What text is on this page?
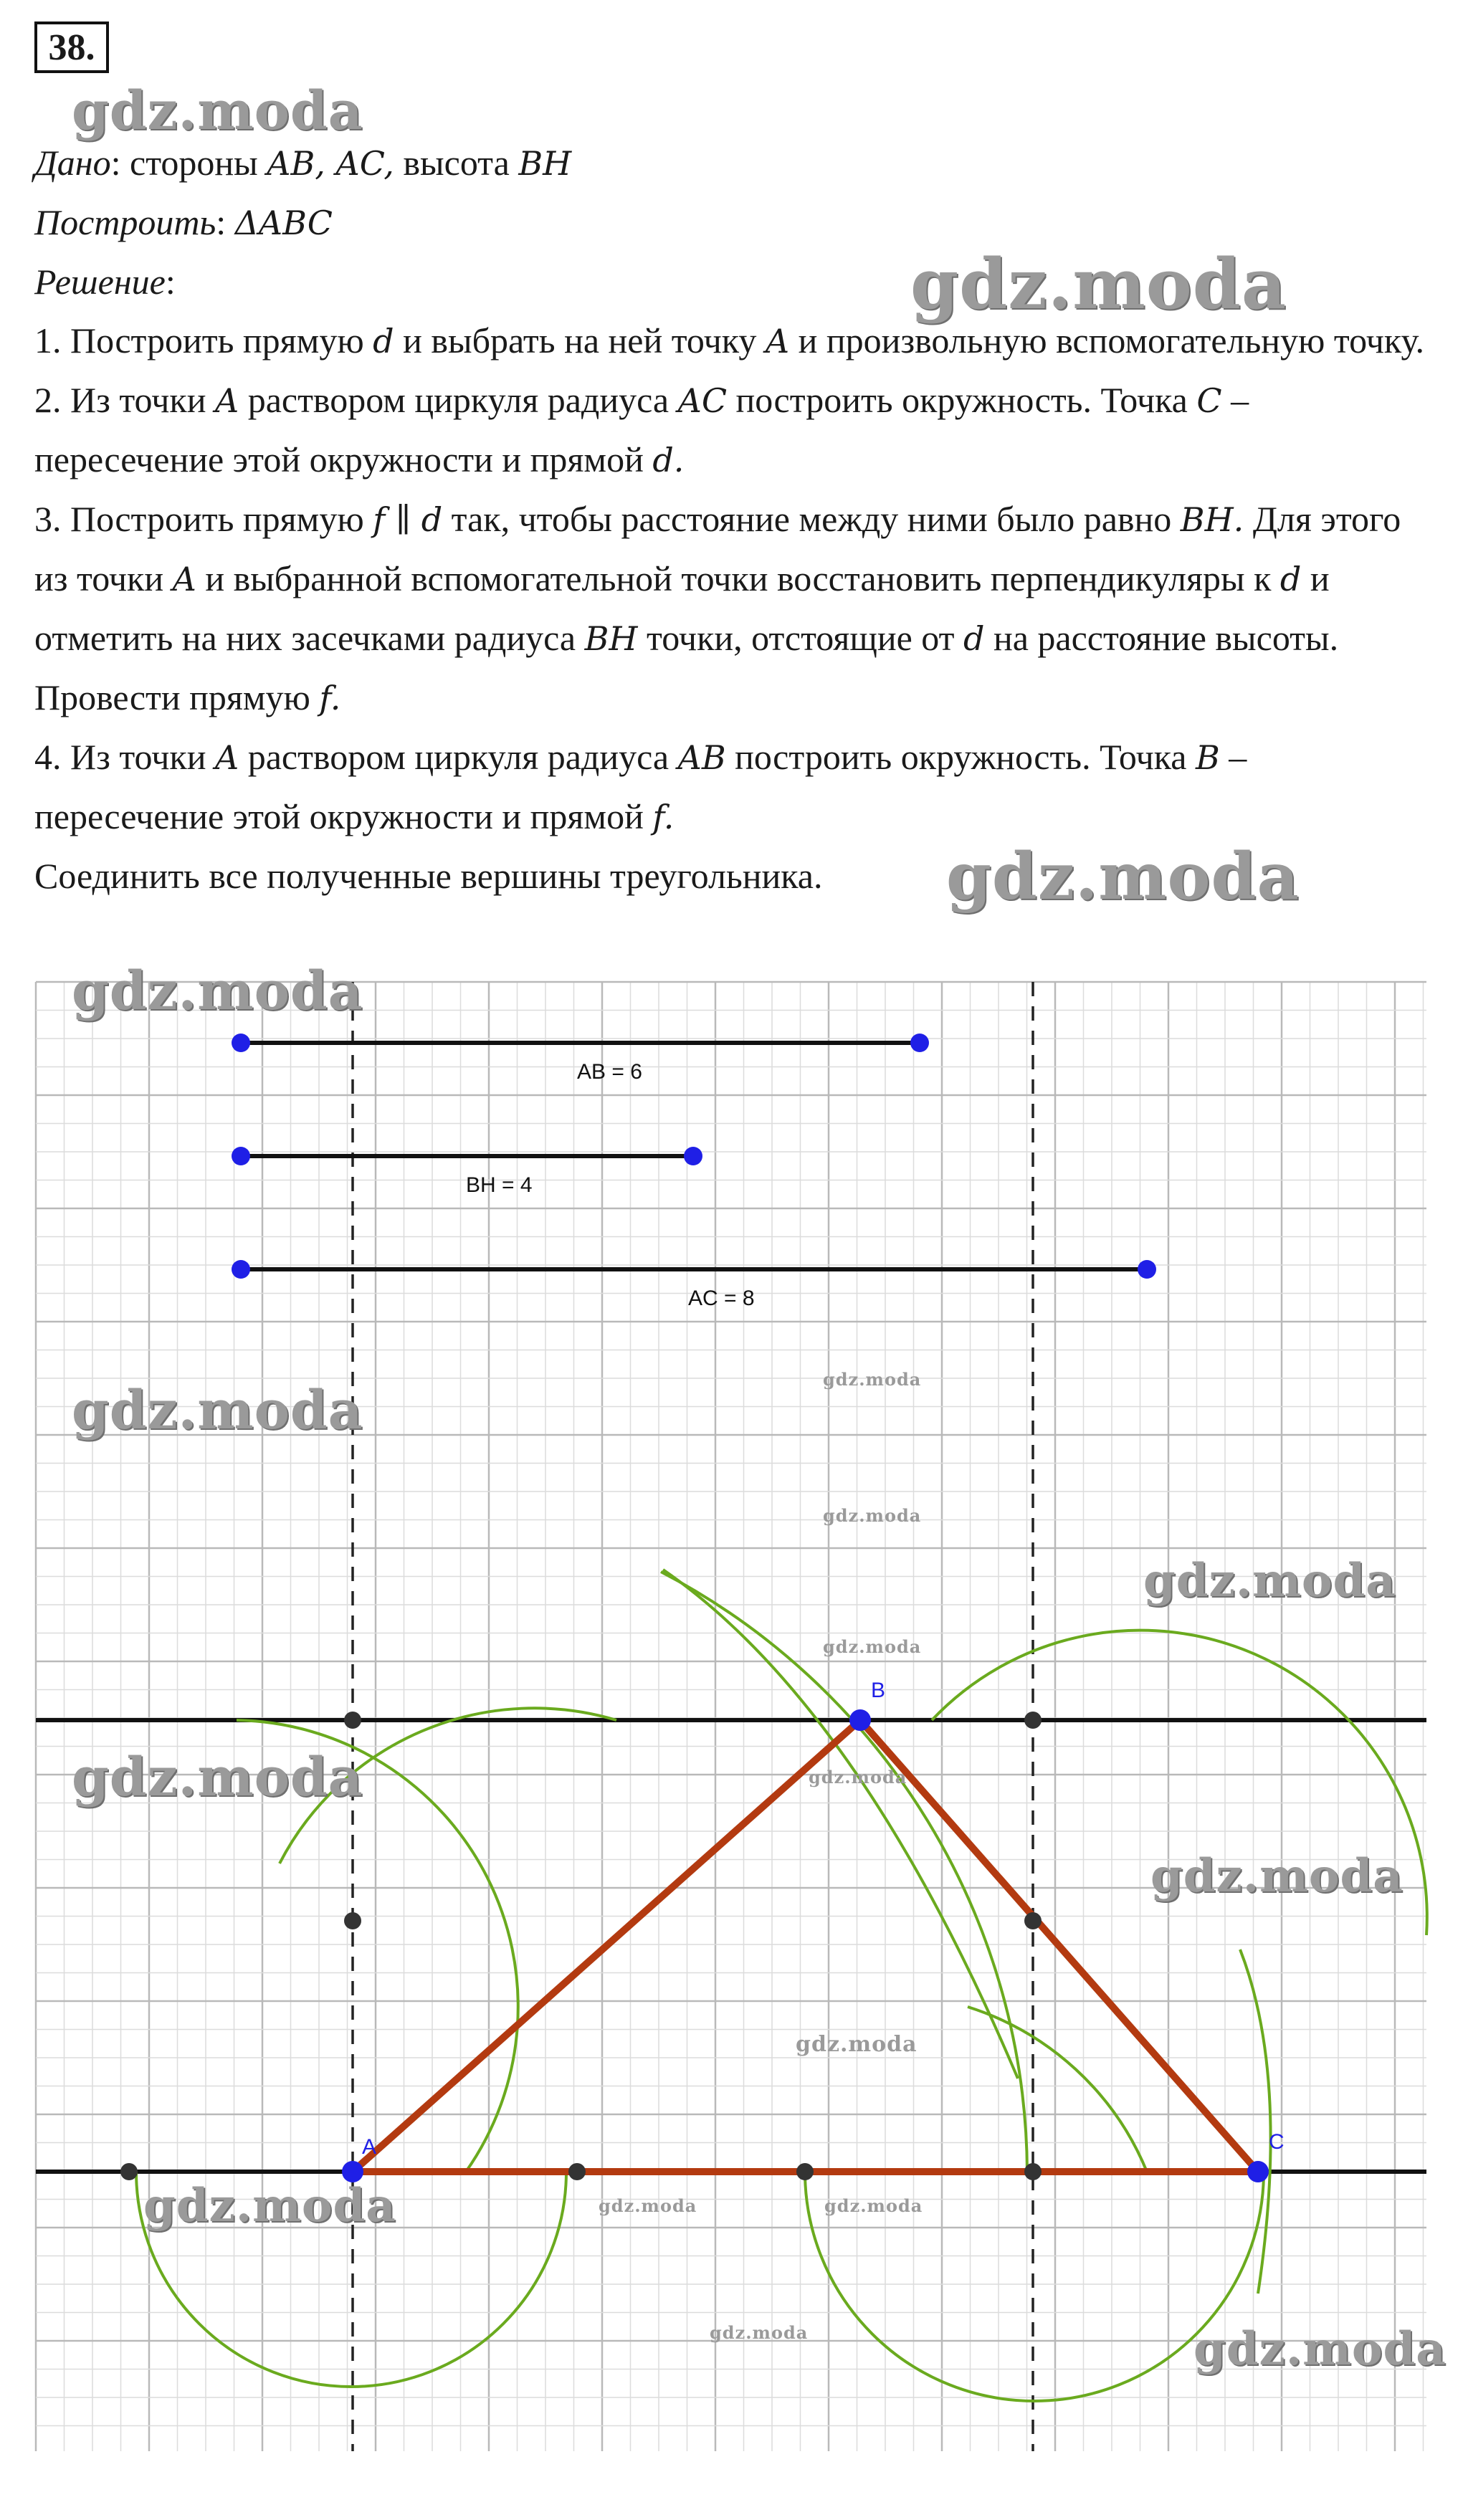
38.
gdz.moda
gdz.moda
gdz.moda

Дано: стороны AB, AC, высота BH

Построить: ΔABC

Решение:

1. Построить прямую d и выбрать на ней точку A и произвольную вспомогательную точку.

2. Из точки A раствором циркуля радиуса AC построить окружность. Точка C – пересечение этой окружности и прямой d.

3. Построить прямую f ∥ d так, чтобы расстояние между ними было равно BH. Для этого из точки A и выбранной вспомогательной точки восстановить перпендикуляры к d и отметить на них засечками радиуса BH точки, отстоящие от d на расстояние высоты. Провести прямую f.

4. Из точки A раствором циркуля радиуса AB построить окружность. Точка B – пересечение этой окружности и прямой f.

Соединить все полученные вершины треугольника.

AB = 6
BH = 4
AC = 8
A
B
C
gdz.moda
gdz.moda
gdz.moda
gdz.moda
gdz.moda
gdz.moda
gdz.moda
gdz.moda
gdz.moda
gdz.moda
gdz.moda
gdz.moda
gdz.moda	gdz.moda
gdz.moda
